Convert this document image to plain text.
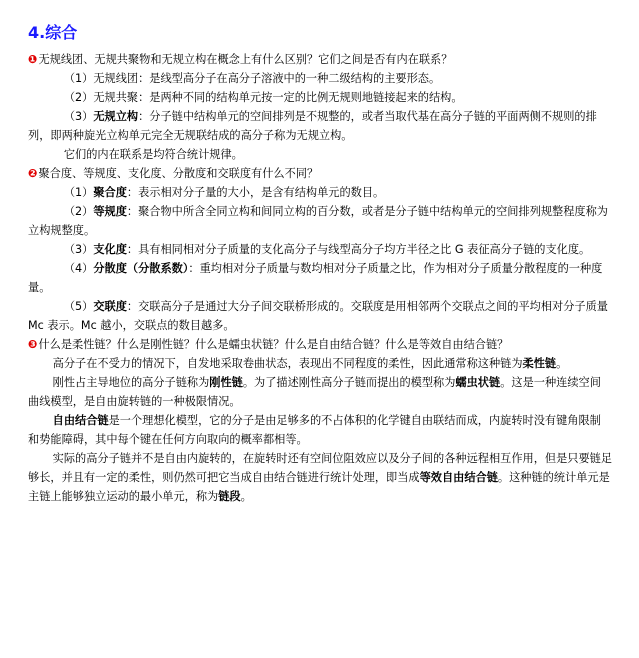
4.综合

❶无规线团、无规共聚物和无规立构在概念上有什么区别？它们之间是否有内在联系？

（1）无规线团：是线型高分子在高分子溶液中的一种二级结构的主要形态。

（2）无规共聚：是两种不同的结构单元按一定的比例无规则地链接起来的结构。

（3）无规立构：分子链中结构单元的空间排列是不规整的，或者当取代基在高分子链的平面两侧不规则的排列，即两种旋光立构单元完全无规联结成的高分子称为无规立构。

它们的内在联系是均符合统计规律。

❷聚合度、等规度、支化度、分散度和交联度有什么不同？

（1）聚合度：表示相对分子量的大小，是含有结构单元的数目。

（2）等规度：聚合物中所含全同立构和间同立构的百分数，或者是分子链中结构单元的空间排列规整程度称为立构规整度。

（3）支化度：具有相同相对分子质量的支化高分子与线型高分子均方半径之比 G 表征高分子链的支化度。

（4）分散度（分散系数）：重均相对分子质量与数均相对分子质量之比，作为相对分子质量分散程度的一种度量。

（5）交联度：交联高分子是通过大分子间交联桥形成的。交联度是用相邻两个交联点之间的平均相对分子质量 Mc 表示。Mc 越小，交联点的数目越多。

❸什么是柔性链？什么是刚性链？什么是蠕虫状链？什么是自由结合链？什么是等效自由结合链？

高分子在不受力的情况下，自发地采取卷曲状态，表现出不同程度的柔性，因此通常称这种链为柔性链。

刚性占主导地位的高分子链称为刚性链。为了描述刚性高分子链而提出的模型称为蠕虫状链。这是一种连续空间曲线模型，是自由旋转链的一种极限情况。

自由结合链是一个理想化模型，它的分子是由足够多的不占体积的化学键自由联结而成，内旋转时没有键角限制和势能障碍，其中每个键在任何方向取向的概率都相等。

实际的高分子链并不是自由内旋转的，在旋转时还有空间位阻效应以及分子间的各种远程相互作用，但是只要链足够长，并且有一定的柔性，则仍然可把它当成自由结合链进行统计处理，即当成等效自由结合链。这种链的统计单元是主链上能够独立运动的最小单元，称为链段。
